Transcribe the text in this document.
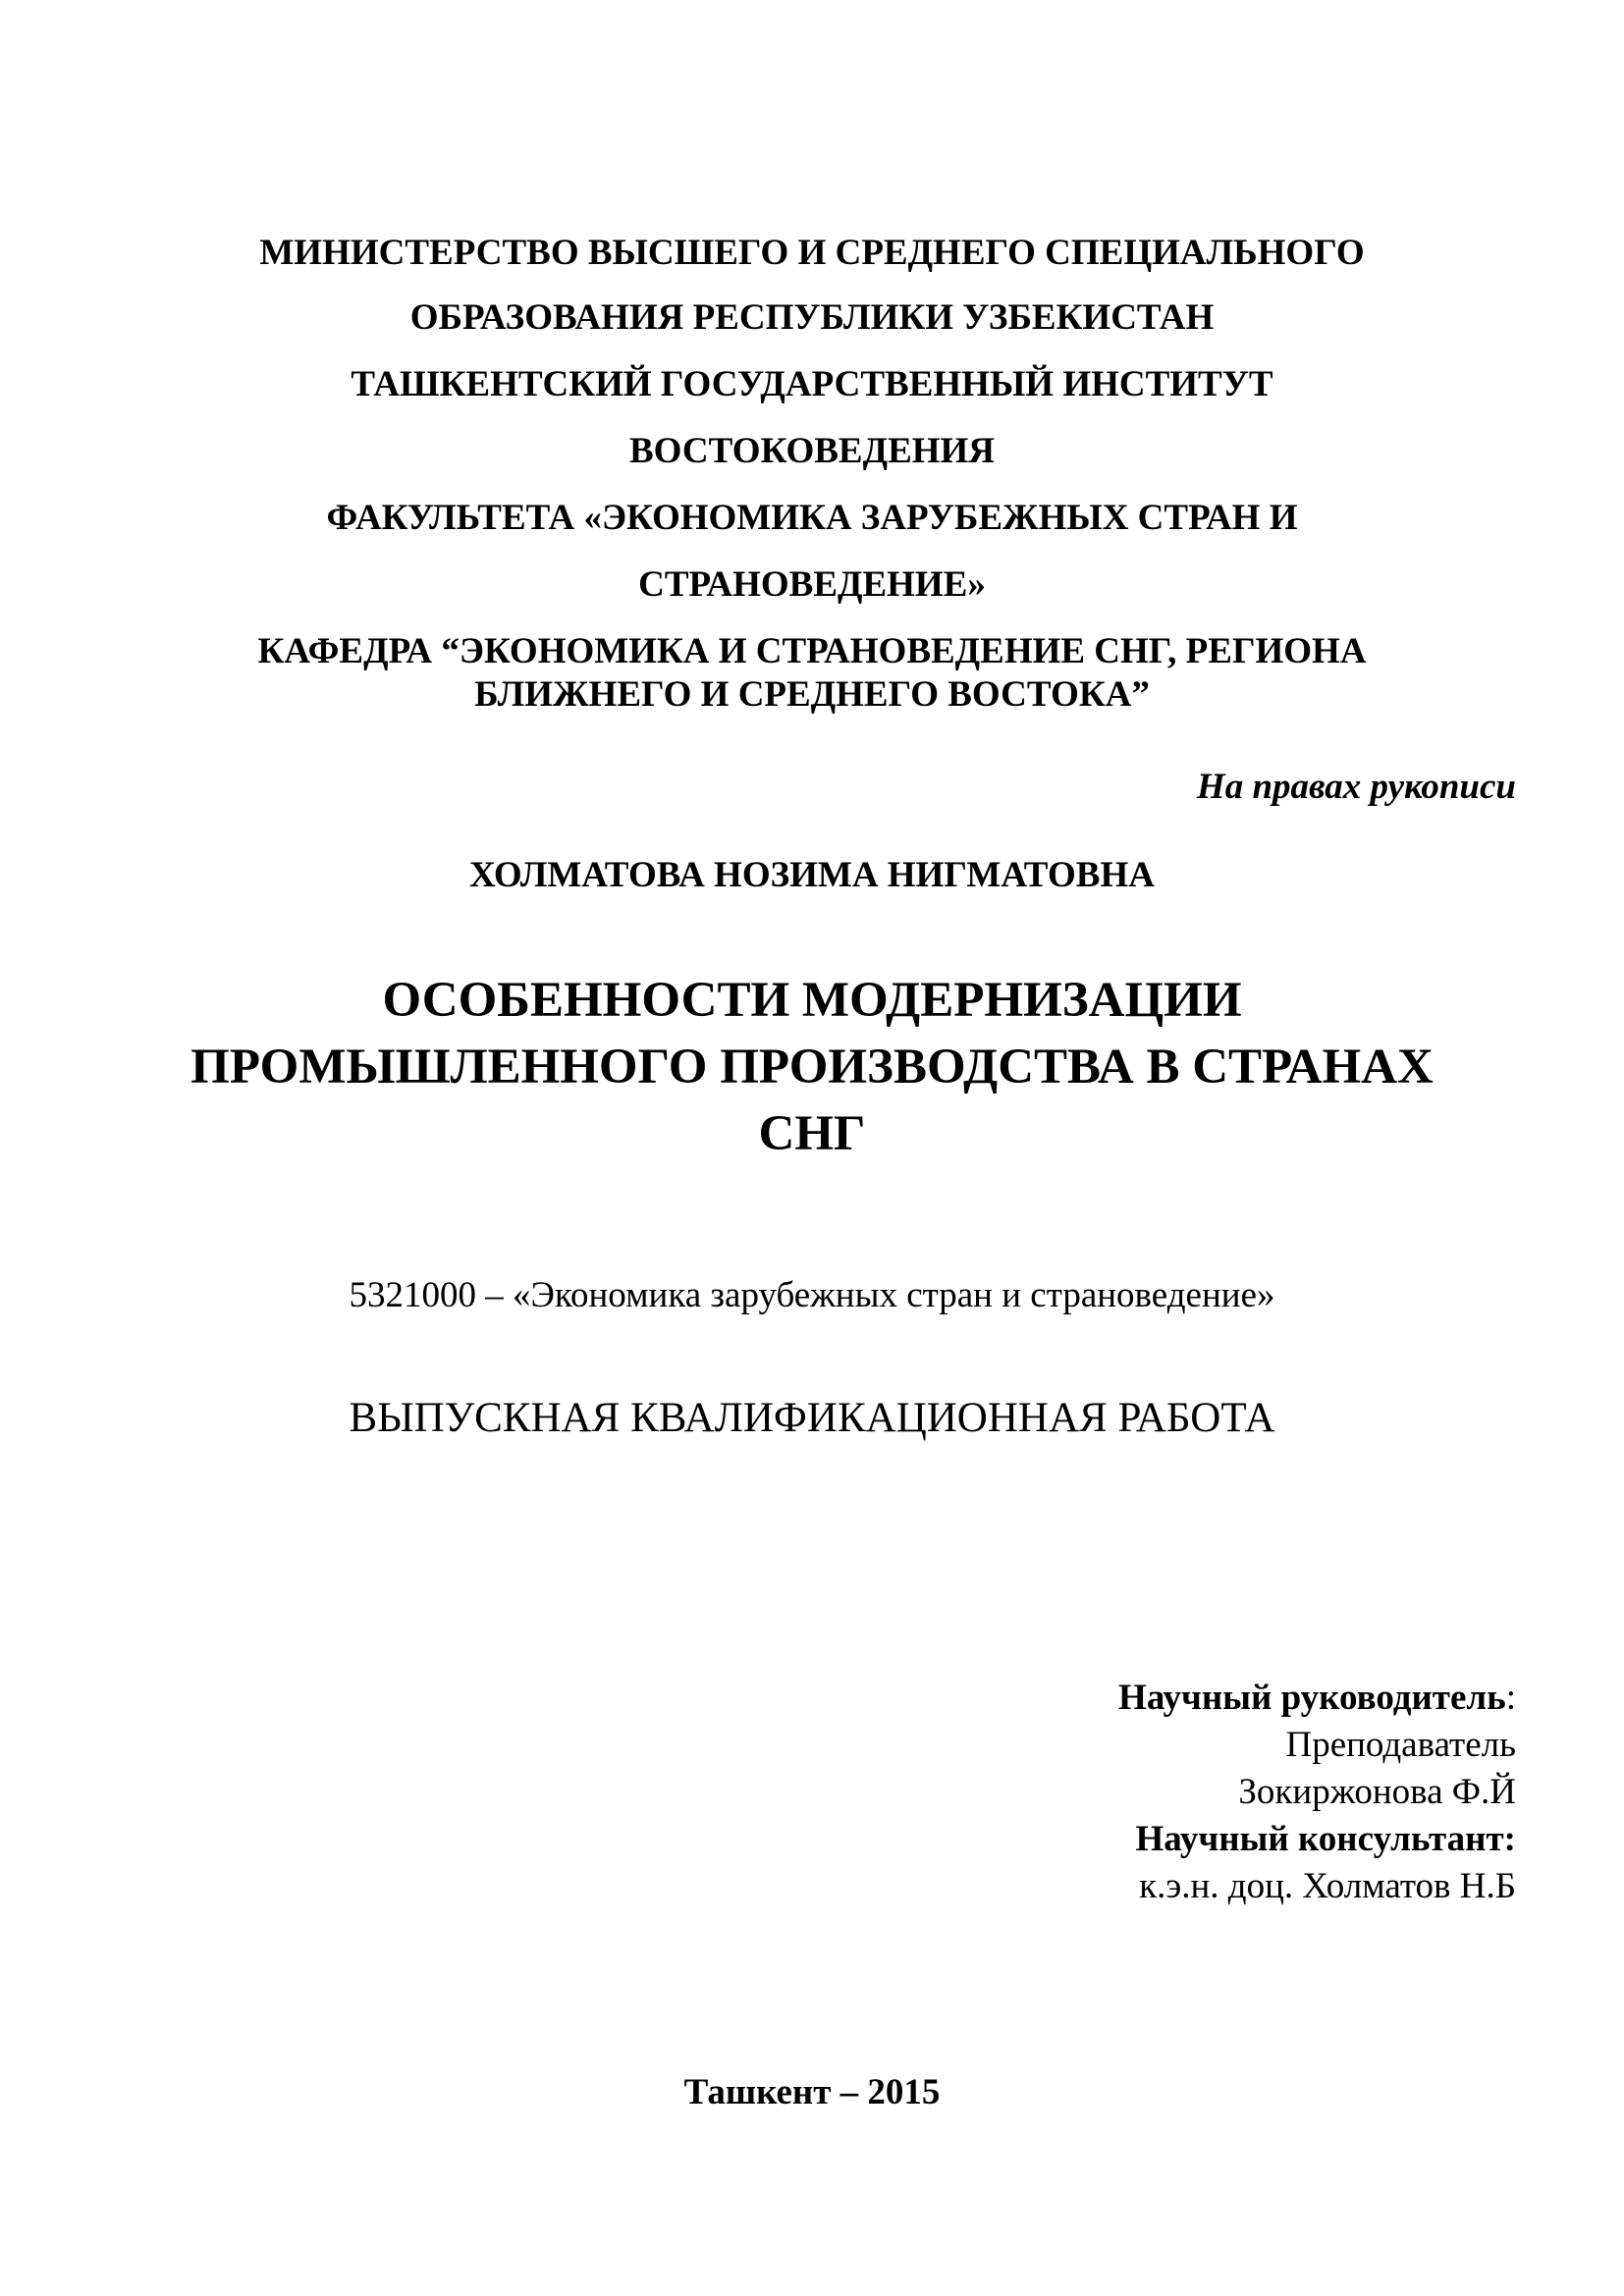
МИНИСТЕРСТВО ВЫСШЕГО И СРЕДНЕГО СПЕЦИАЛЬНОГО
ОБРАЗОВАНИЯ РЕСПУБЛИКИ УЗБЕКИСТАН
ТАШКЕНТСКИЙ ГОСУДАРСТВЕННЫЙ ИНСТИТУТ
ВОСТОКОВЕДЕНИЯ
ФАКУЛЬТЕТА «ЭКОНОМИКА ЗАРУБЕЖНЫХ СТРАН И
СТРАНОВЕДЕНИЕ»
КАФЕДРА “ЭКОНОМИКА И СТРАНОВЕДЕНИЕ СНГ, РЕГИОНА
БЛИЖНЕГО И СРЕДНЕГО ВОСТОКА”
На правах рукописи
ХОЛМАТОВА НОЗИМА НИГМАТОВНА
ОСОБЕННОСТИ МОДЕРНИЗАЦИИ
ПРОМЫШЛЕННОГО ПРОИЗВОДСТВА В СТРАНАХ
СНГ
5321000 – «Экономика зарубежных стран и страноведение»
ВЫПУСКНАЯ КВАЛИФИКАЦИОННАЯ РАБОТА
Научный руководитель:
Преподаватель
Зокиржонова Ф.Й
Научный консультант:
к.э.н. доц. Холматов Н.Б
Ташкент – 2015
